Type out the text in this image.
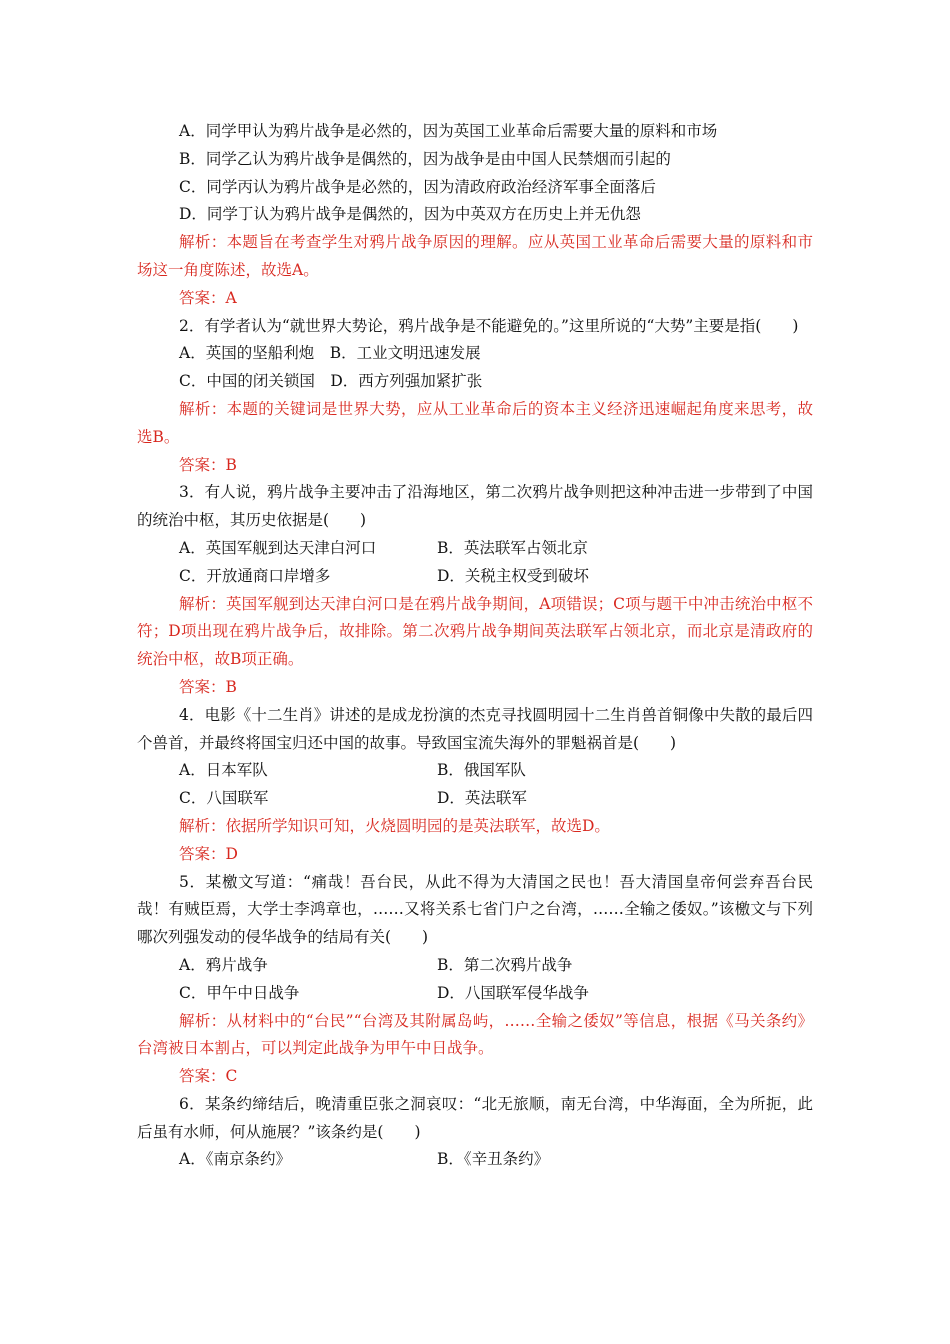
A．同学甲认为鸦片战争是必然的，因为英国工业革命后需要大量的原料和市场
B．同学乙认为鸦片战争是偶然的，因为战争是由中国人民禁烟而引起的
C．同学丙认为鸦片战争是必然的，因为清政府政治经济军事全面落后
D．同学丁认为鸦片战争是偶然的，因为中英双方在历史上并无仇怨
解析：本题旨在考查学生对鸦片战争原因的理解。应从英国工业革命后需要大量的原料和市场这一角度陈述，故选A。
答案：A
2．有学者认为“就世界大势论，鸦片战争是不能避免的。”这里所说的“大势”主要是指(　　)
A．英国的坚船利炮　B．工业文明迅速发展
C．中国的闭关锁国　D．西方列强加紧扩张
解析：本题的关键词是世界大势，应从工业革命后的资本主义经济迅速崛起角度来思考，故选B。
答案：B
3．有人说，鸦片战争主要冲击了沿海地区，第二次鸦片战争则把这种冲击进一步带到了中国的统治中枢，其历史依据是(　　)
A．英国军舰到达天津白河口	B．英法联军占领北京
C．开放通商口岸增多	D．关税主权受到破坏
解析：英国军舰到达天津白河口是在鸦片战争期间，A项错误；C项与题干中冲击统治中枢不符；D项出现在鸦片战争后，故排除。第二次鸦片战争期间英法联军占领北京，而北京是清政府的统治中枢，故B项正确。
答案：B
4．电影《十二生肖》讲述的是成龙扮演的杰克寻找圆明园十二生肖兽首铜像中失散的最后四个兽首，并最终将国宝归还中国的故事。导致国宝流失海外的罪魁祸首是(　　)
A．日本军队	B．俄国军队
C．八国联军	D．英法联军
解析：依据所学知识可知，火烧圆明园的是英法联军，故选D。
答案：D
5．某檄文写道：“痛哉！吾台民，从此不得为大清国之民也！吾大清国皇帝何尝弃吾台民哉！有贼臣焉，大学士李鸿章也，……又将关系七省门户之台湾，……全输之倭奴。”该檄文与下列哪次列强发动的侵华战争的结局有关(　　)
A．鸦片战争	B．第二次鸦片战争
C．甲午中日战争	D．八国联军侵华战争
解析：从材料中的“台民”“台湾及其附属岛屿，……全输之倭奴”等信息，根据《马关条约》台湾被日本割占，可以判定此战争为甲午中日战争。
答案：C
6．某条约缔结后，晚清重臣张之洞哀叹：“北无旅顺，南无台湾，中华海面，全为所扼，此后虽有水师，何从施展？”该条约是(　　)
A．《南京条约》	B．《辛丑条约》
